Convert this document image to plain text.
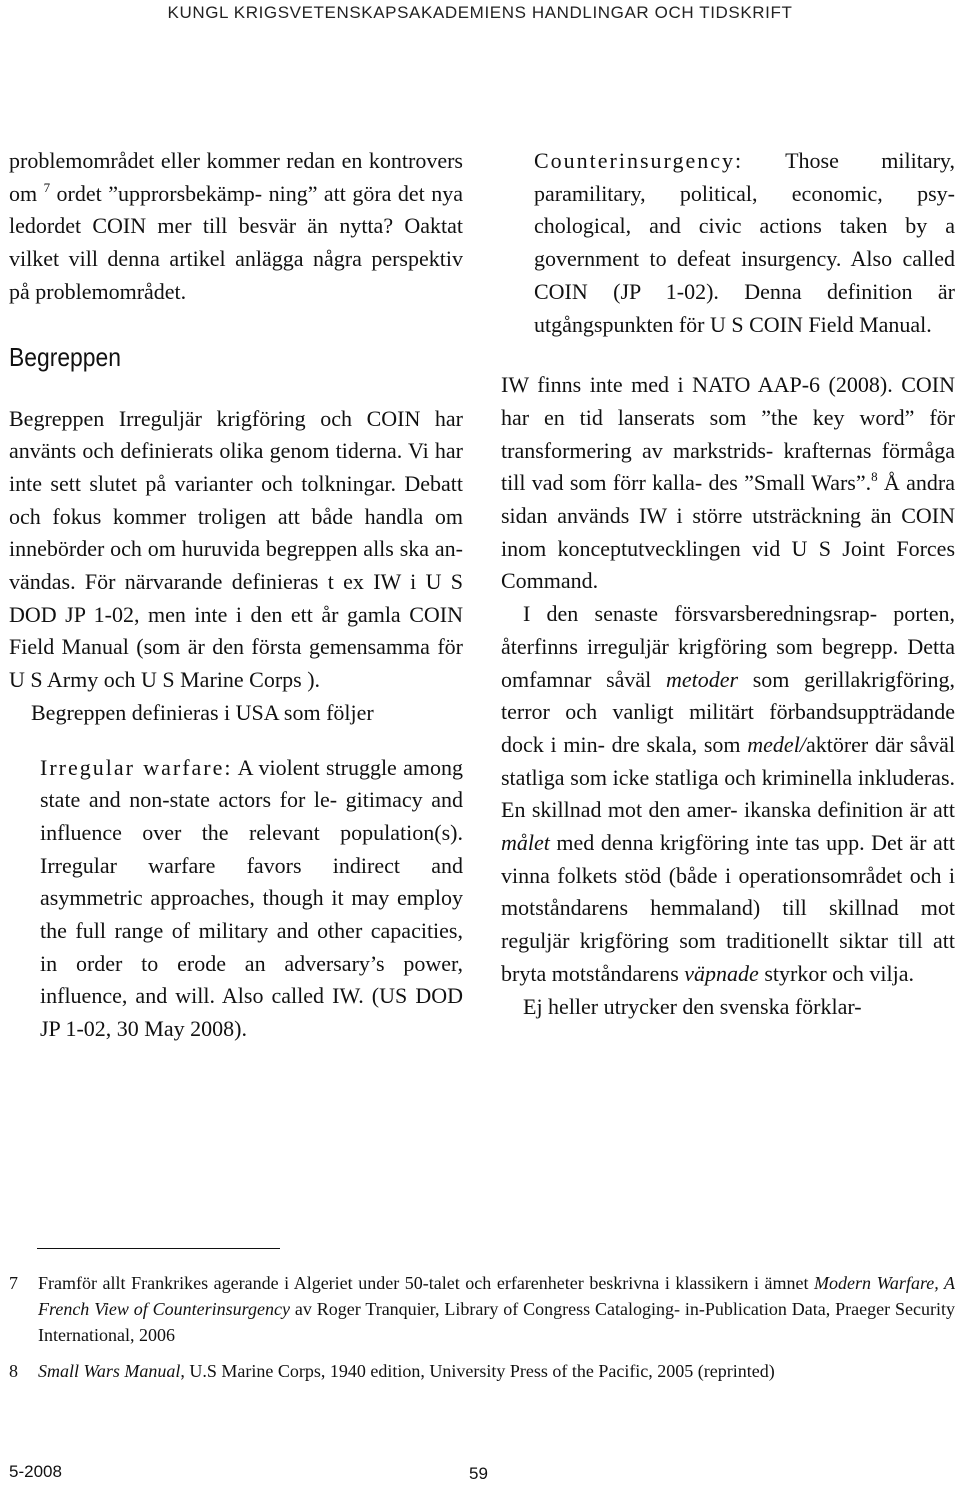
KUNGL KRIGSVETENSKAPSAKADEMIENS HANDLINGAR OCH TIDSKRIFT

problemområdet eller kommer redan en kontrovers om $^7$ ordet ”upprorsbekämp- ning” att göra det nya ledordet COIN mer till besvär än nytta? Oaktat vilket vill denna artikel anlägga några perspektiv på problemområdet.

Begreppen

Begreppen Irreguljär krigföring och COIN har använts och definierats olika genom tiderna. Vi har inte sett slutet på varianter och tolkningar. Debatt och fokus kommer troligen att både handla om innebörder och om huruvida begreppen alls ska an- vändas. För närvarande definieras t ex IW i U S DOD JP 1-02, men inte i den ett år gamla COIN Field Manual (som är den första gemensamma för U S Army och U S Marine Corps ).

Begreppen definieras i USA som följer

Irregular warfare: A violent struggle among state and non-state actors for le- gitimacy and influence over the relevant population(s). Irregular warfare favors indirect and asymmetric approaches, though it may employ the full range of military and other capacities, in order to erode an adversary’s power, influence, and will. Also called IW. (US DOD JP 1-02, 30 May 2008).

Counterinsurgency: Those military, paramilitary, political, economic, psy- chological, and civic actions taken by a government to defeat insurgency. Also called COIN (JP 1-02). Denna definition är utgångspunkten för U S COIN Field Manual.

IW finns inte med i NATO AAP-6 (2008). COIN har en tid lanserats som ”the key word” för transformering av markstrids- krafternas förmåga till vad som förr kalla- des ”Small Wars”.$^8$ Å andra sidan används IW i större utsträckning än COIN inom konceptutvecklingen vid U S Joint Forces Command.

I den senaste försvarsberedningsrap- porten, återfinns irreguljär krigföring som begrepp. Detta omfamnar såväl metoder som gerillakrigföring, terror och vanligt militärt förbandsuppträdande dock i min- dre skala, som medel/aktörer där såväl statliga som icke statliga och kriminella inkluderas. En skillnad mot den amer- ikanska definition är att målet med denna krigföring inte tas upp. Det är att vinna folkets stöd (både i operationsområdet och i motståndarens hemmaland) till skillnad mot reguljär krigföring som traditionellt siktar till att bryta motståndarens väpnade styrkor och vilja.

Ej heller utrycker den svenska förklar-

7 Framför allt Frankrikes agerande i Algeriet under 50-talet och erfarenheter beskrivna i klassikern i ämnet Modern Warfare, A French View of Counterinsurgency av Roger Tranquier, Library of Congress Cataloging- in-Publication Data, Praeger Security International, 2006
8 Small Wars Manual, U.S Marine Corps, 1940 edition, University Press of the Pacific, 2005 (reprinted)
5-2008	59
